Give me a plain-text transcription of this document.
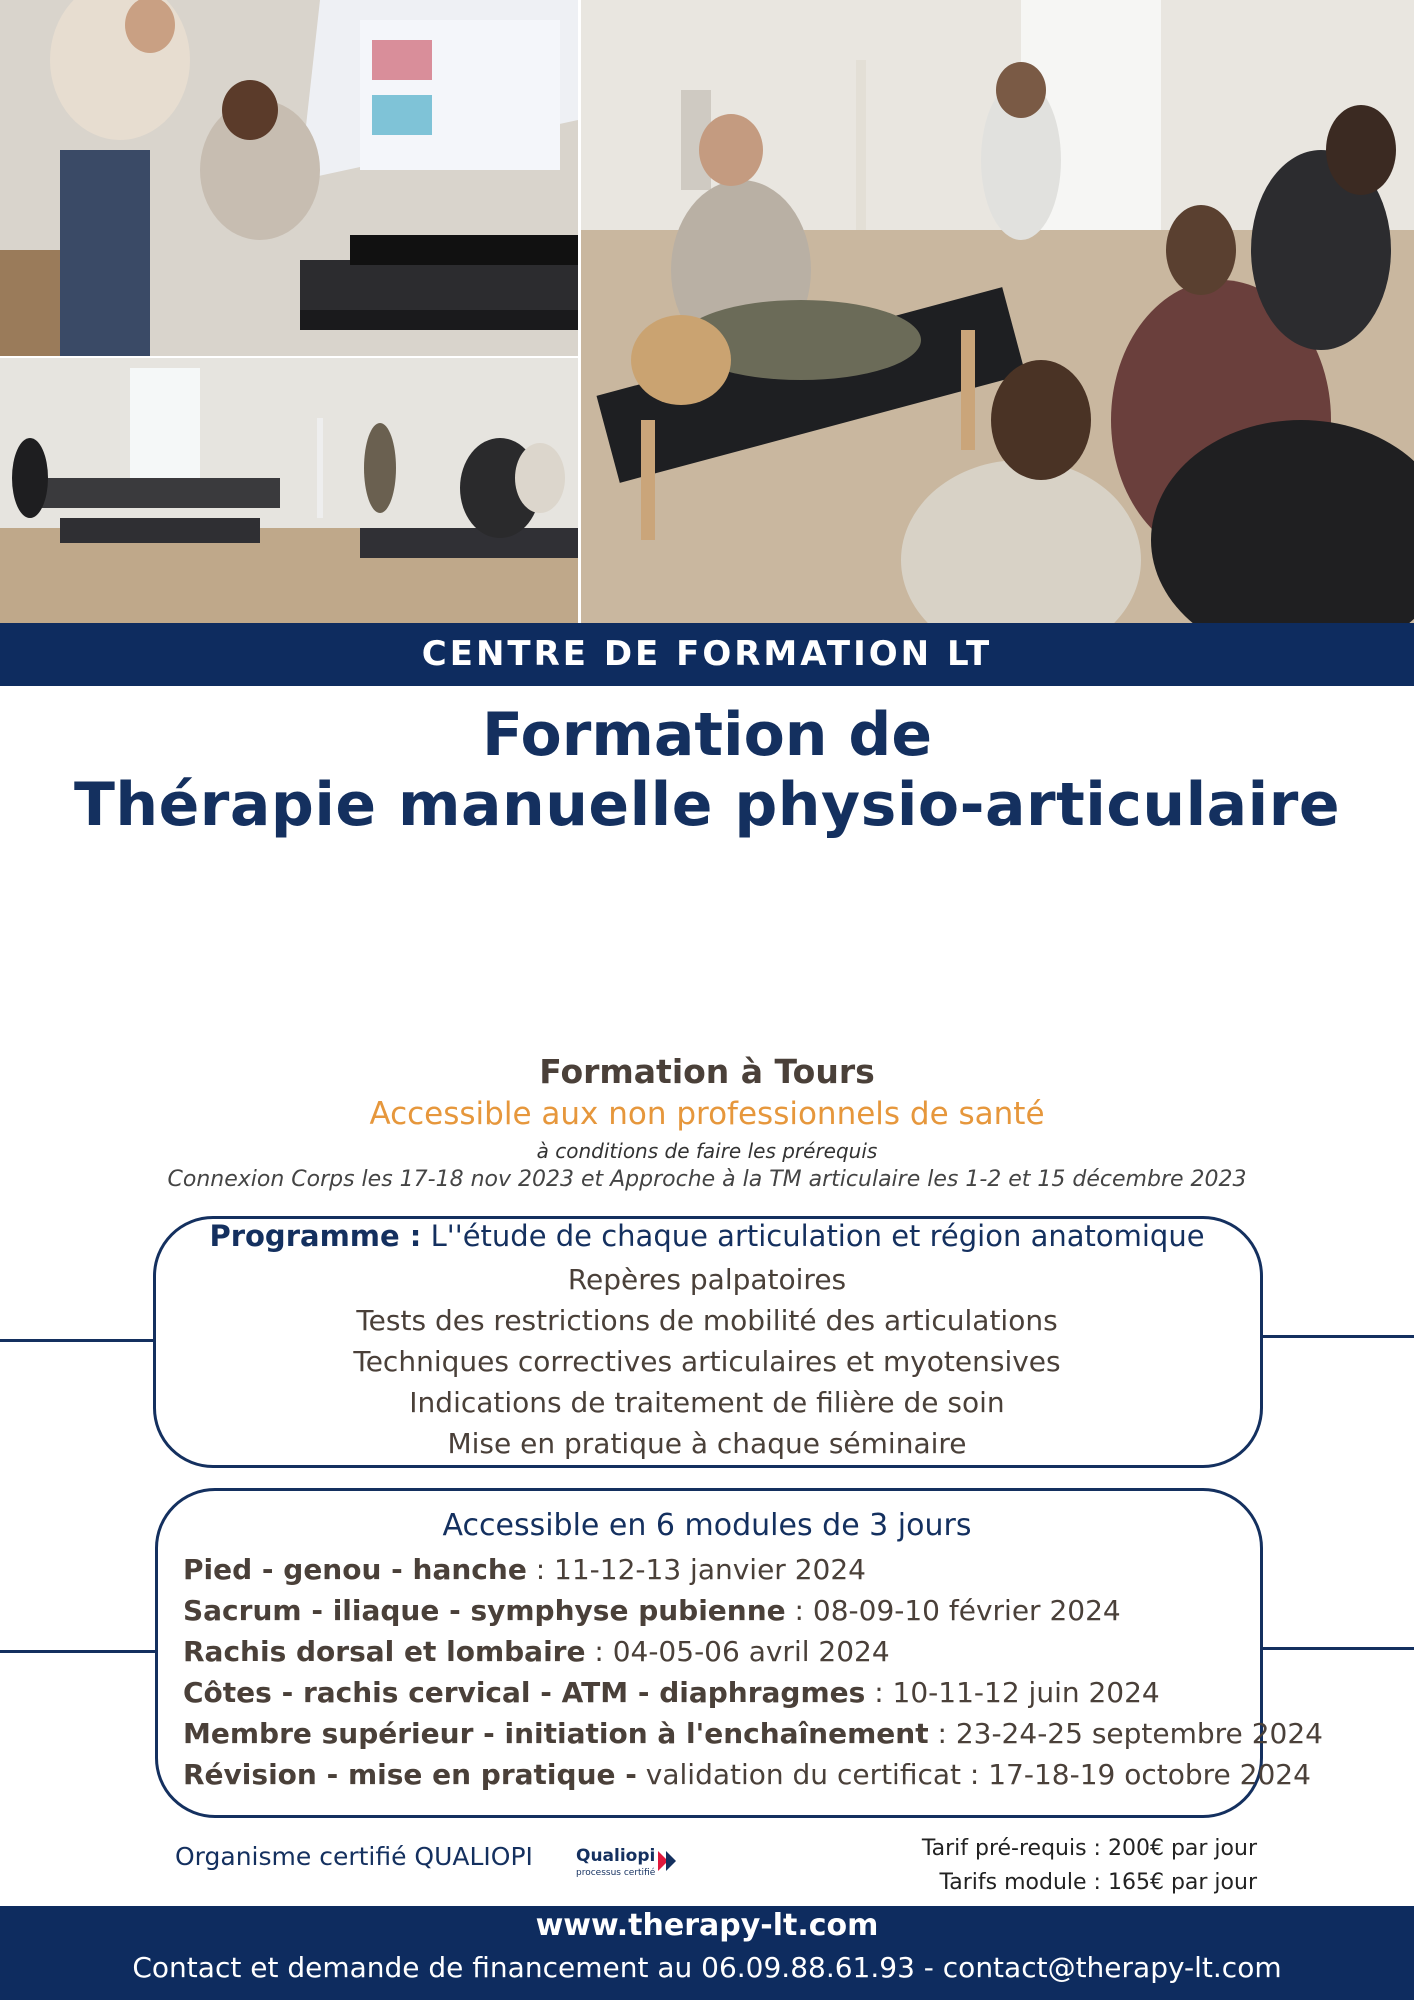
CENTRE DE FORMATION LT
Formation de
Thérapie manuelle physio-articulaire
Formation à Tours
Accessible aux non professionnels de santé
à conditions de faire les prérequis
Connexion Corps les 17-18 nov 2023 et Approche à la TM articulaire les 1-2 et 15 décembre 2023
Programme : L''étude de chaque articulation et région anatomique
Repères palpatoires
Tests des restrictions de mobilité des articulations
Techniques correctives articulaires et myotensives
Indications de traitement de filière de soin
Mise en pratique à chaque séminaire
Accessible en 6 modules de 3 jours
Pied - genou - hanche : 11-12-13 janvier 2024
Sacrum - iliaque - symphyse pubienne : 08-09-10 février 2024
Rachis dorsal et lombaire : 04-05-06 avril 2024
Côtes - rachis cervical - ATM - diaphragmes : 10-11-12 juin 2024
Membre supérieur - initiation à l'enchaînement : 23-24-25 septembre 2024
Révision - mise en pratique - validation du certificat : 17-18-19 octobre 2024
Organisme certifié QUALIOPI	Qualiopi
processus certifié
Tarif pré-requis : 200€ par jour
Tarifs module : 165€ par jour
www.therapy-lt.com
Contact et demande de financement au 06.09.88.61.93 - contact@therapy-lt.com
